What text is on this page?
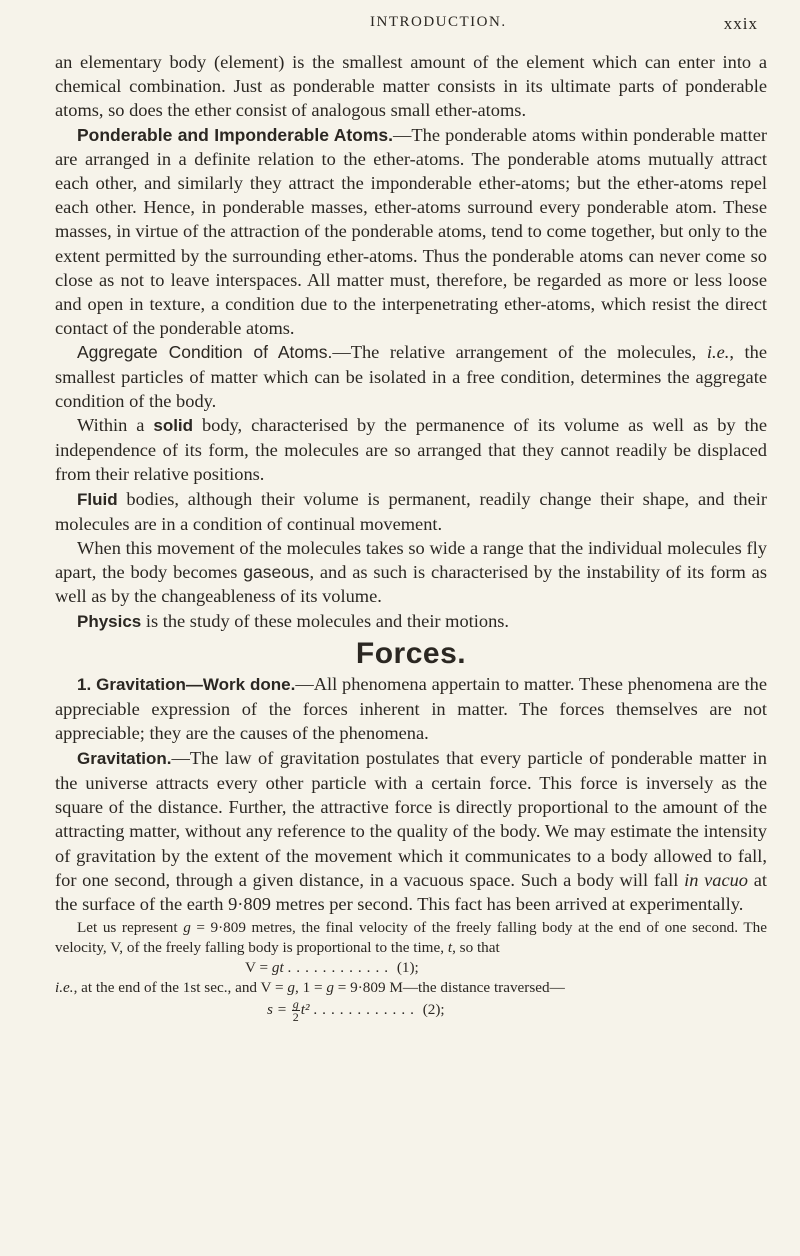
INTRODUCTION.	xxix

an elementary body (element) is the smallest amount of the element which can enter into a chemical combination. Just as ponderable matter consists in its ultimate parts of ponderable atoms, so does the ether consist of analogous small ether-atoms.

Ponderable and Imponderable Atoms.—The ponderable atoms within ponderable matter are arranged in a definite relation to the ether-atoms. The ponderable atoms mutually attract each other, and similarly they attract the imponderable ether-atoms; but the ether-atoms repel each other. Hence, in ponderable masses, ether-atoms surround every ponderable atom. These masses, in virtue of the attraction of the ponderable atoms, tend to come together, but only to the extent permitted by the surrounding ether-atoms. Thus the ponderable atoms can never come so close as not to leave interspaces. All matter must, therefore, be regarded as more or less loose and open in texture, a condition due to the interpenetrating ether-atoms, which resist the direct contact of the ponderable atoms.

Aggregate Condition of Atoms.—The relative arrangement of the molecules, i.e., the smallest particles of matter which can be isolated in a free condition, determines the aggregate condition of the body.

Within a solid body, characterised by the permanence of its volume as well as by the independence of its form, the molecules are so arranged that they cannot readily be displaced from their relative positions.

Fluid bodies, although their volume is permanent, readily change their shape, and their molecules are in a condition of continual movement.

When this movement of the molecules takes so wide a range that the individual molecules fly apart, the body becomes gaseous, and as such is characterised by the instability of its form as well as by the changeableness of its volume.

Physics is the study of these molecules and their motions.

Forces.

1. Gravitation—Work done.—All phenomena appertain to matter. These phenomena are the appreciable expression of the forces inherent in matter. The forces themselves are not appreciable; they are the causes of the phenomena.

Gravitation.—The law of gravitation postulates that every particle of ponderable matter in the universe attracts every other particle with a certain force. This force is inversely as the square of the distance. Further, the attractive force is directly proportional to the amount of the attracting matter, without any reference to the quality of the body. We may estimate the intensity of gravitation by the extent of the movement which it communicates to a body allowed to fall, for one second, through a given distance, in a vacuous space. Such a body will fall in vacuo at the surface of the earth 9·809 metres per second. This fact has been arrived at experimentally.

Let us represent g = 9·809 metres, the final velocity of the freely falling body at the end of one second. The velocity, V, of the freely falling body is proportional to the time, t, so that

V = gt ............ (1);

i.e., at the end of the 1st sec., and V = g, 1 = g = 9·809 M—the distance traversed—

$s = \frac{g}{2} t^2$ ............ (2);
